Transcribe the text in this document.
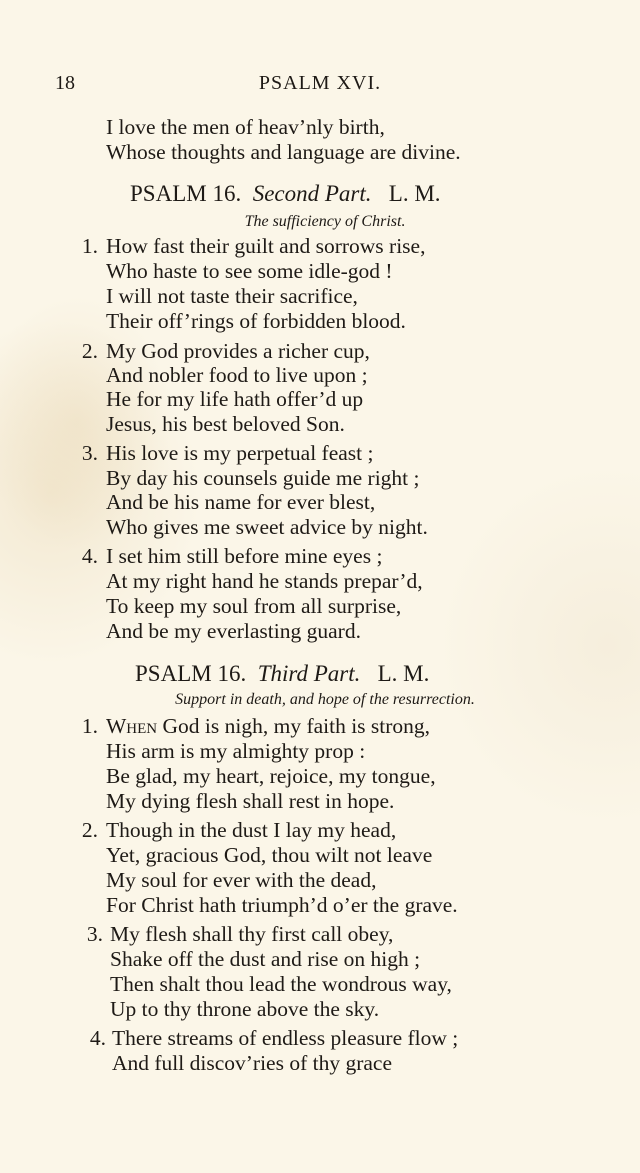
18	PSALM XVI.
I love the men of heav’nly birth,
Whose thoughts and language are divine.
PSALM 16. Second Part. L. M.
The sufficiency of Christ.
1. How fast their guilt and sorrows rise,
Who haste to see some idle-god !
I will not taste their sacrifice,
Their off’rings of forbidden blood.
2. My God provides a richer cup,
And nobler food to live upon ;
He for my life hath offer’d up
Jesus, his best beloved Son.
3. His love is my perpetual feast ;
By day his counsels guide me right ;
And be his name for ever blest,
Who gives me sweet advice by night.
4. I set him still before mine eyes ;
At my right hand he stands prepar’d,
To keep my soul from all surprise,
And be my everlasting guard.
PSALM 16. Third Part. L. M.
Support in death, and hope of the resurrection.
1. When God is nigh, my faith is strong,
His arm is my almighty prop :
Be glad, my heart, rejoice, my tongue,
My dying flesh shall rest in hope.
2. Though in the dust I lay my head,
Yet, gracious God, thou wilt not leave
My soul for ever with the dead,
For Christ hath triumph’d o’er the grave.
3. My flesh shall thy first call obey,
Shake off the dust and rise on high ;
Then shalt thou lead the wondrous way,
Up to thy throne above the sky.
4. There streams of endless pleasure flow ;
And full discov’ries of thy grace
